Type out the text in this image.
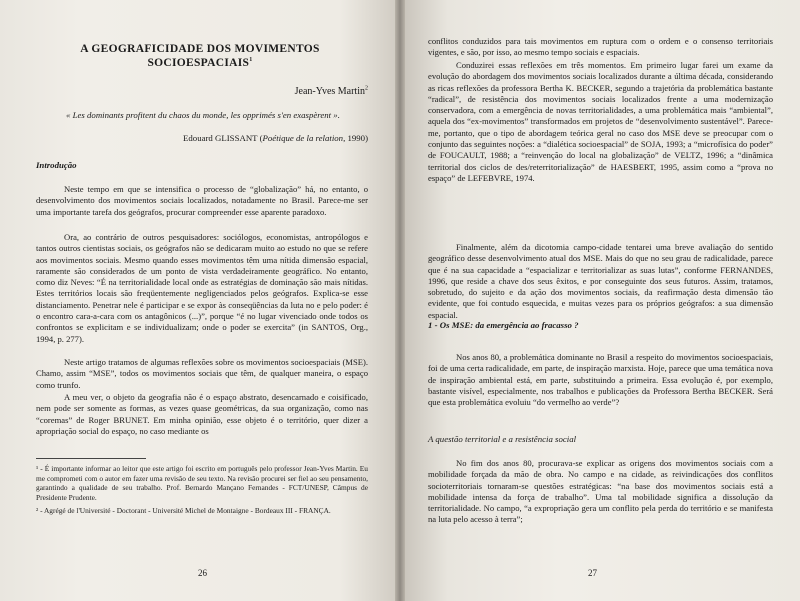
A GEOGRAFICIDADE DOS MOVIMENTOS
SOCIOESPACIAIS$^1$
Jean-Yves Martin$^2$
« Les dominants profitent du chaos du monde, les opprimés s'en exaspèrent ».
Edouard GLISSANT (Poétique de la relation, 1990)
Introdução
Neste tempo em que se intensifica o processo de “globalização” há, no entanto, o desenvolvimento dos movimentos sociais localizados, notadamente no Brasil. Parece-me ser uma importante tarefa dos geógrafos, procurar compreender esse aparente paradoxo.
Ora, ao contrário de outros pesquisadores: sociólogos, economistas, antropólogos e tantos outros cientistas sociais, os geógrafos não se dedicaram muito ao estudo no que se refere aos movimentos sociais. Mesmo quando esses movimentos têm uma nítida dimensão espacial, raramente são considerados de um ponto de vista verdadeiramente geográfico. No entanto, como diz Neves: “É na territorialidade local onde as estratégias de dominação são mais nítidas. Estes territórios locais são freqüentemente negligenciados pelos geógrafos. Explica-se esse distanciamento. Penetrar nele é participar e se expor às conseqüências da luta no e pelo poder: é o encontro cara-a-cara com os antagônicos (...)”, porque “é no lugar vivenciado onde todos os confrontos se explicitam e se individualizam; onde o poder se exercita” (in SANTOS, Org., 1994, p. 277).
Neste artigo tratamos de algumas reflexões sobre os movimentos socioespaciais (MSE). Chamo, assim “MSE”, todos os movimentos sociais que têm, de qualquer maneira, o espaço como trunfo.
A meu ver, o objeto da geografia não é o espaço abstrato, desencarnado e coisificado, nem pode ser somente as formas, as vezes quase geométricas, da sua organização, como nas “coremas” de Roger BRUNET. Em minha opinião, esse objeto é o território, quer dizer a apropriação social do espaço, no caso mediante os
¹ - É importante informar ao leitor que este artigo foi escrito em português pelo professor Jean-Yves Martin. Eu me comprometi com o autor em fazer uma revisão de seu texto. Na revisão procurei ser fiel ao seu pensamento, garantindo a qualidade de seu trabalho. Prof. Bernardo Mançano Fernandes - FCT/UNESP, Câmpus de Presidente Prudente.
² - Agrégé de l'Université - Doctorant - Université Michel de Montaigne - Bordeaux III - FRANÇA.
26
conflitos conduzidos para tais movimentos em ruptura com o ordem e o consenso territoriais vigentes, e são, por isso, ao mesmo tempo sociais e espaciais.
Conduzirei essas reflexões em três momentos. Em primeiro lugar farei um exame da evolução do abordagem dos movimentos sociais localizados durante a última década, considerando as ricas reflexões da professora Bertha K. BECKER, segundo a trajetória da problemática bastante “radical”, de resistência dos movimentos sociais localizados frente a uma modernização conservadora, com a emergência de novas territorialidades, a uma problemática mais “ambiental”, aquela dos “ex-movimentos” transformados em projetos de “desenvolvimento sustentável”. Parece-me, portanto, que o tipo de abordagem teórica geral no caso dos MSE deve se preocupar com o conjunto das seguintes noções: a “dialética socioespacial” de SOJA, 1993; a “microfísica do poder” de FOUCAULT, 1988; a “reinvenção do local na globalização” de VELTZ, 1996; a “dinâmica territorial dos ciclos de des/reterritorialização” de HAESBERT, 1995, assim como a “prova no espaço” de LEFEBVRE, 1974.
Finalmente, além da dicotomia campo-cidade tentarei uma breve avaliação do sentido geográfico desse desenvolvimento atual dos MSE. Mais do que no seu grau de radicalidade, parece que é na sua capacidade a “espacializar e territorializar as suas lutas”, conforme FERNANDES, 1996, que reside a chave dos seus êxitos, e por conseguinte dos seus futuros. Assim, tratamos, sobretudo, do sujeito e da ação dos movimentos sociais, da reafirmação desta dimensão tão evidente, que foi contudo esquecida, e muitas vezes para os próprios geógrafos: a sua dimensão espacial.
1 - Os MSE: da emergência ao fracasso ?
Nos anos 80, a problemática dominante no Brasil a respeito do movimentos socioespaciais, foi de uma certa radicalidade, em parte, de inspiração marxista. Hoje, parece que uma temática nova de inspiração ambiental está, em parte, substituindo a primeira. Essa evolução é, por exemplo, bastante visível, especialmente, nos trabalhos e publicações da Professora Bertha BECKER. Será que esta problemática evoluiu “do vermelho ao verde”?
A questão territorial e a resistência social
No fim dos anos 80, procurava-se explicar as origens dos movimentos sociais com a mobilidade forçada da mão de obra. No campo e na cidade, as reivindicações dos conflitos socioterritoriais tornaram-se questões estratégicas: “na base dos movimentos sociais está a mobilidade intensa da força de trabalho”. Uma tal mobilidade significa a dissolução da territorialidade. No campo, “a expropriação gera um conflito pela perda do território e se manifesta na luta pelo acesso à terra”;
27
